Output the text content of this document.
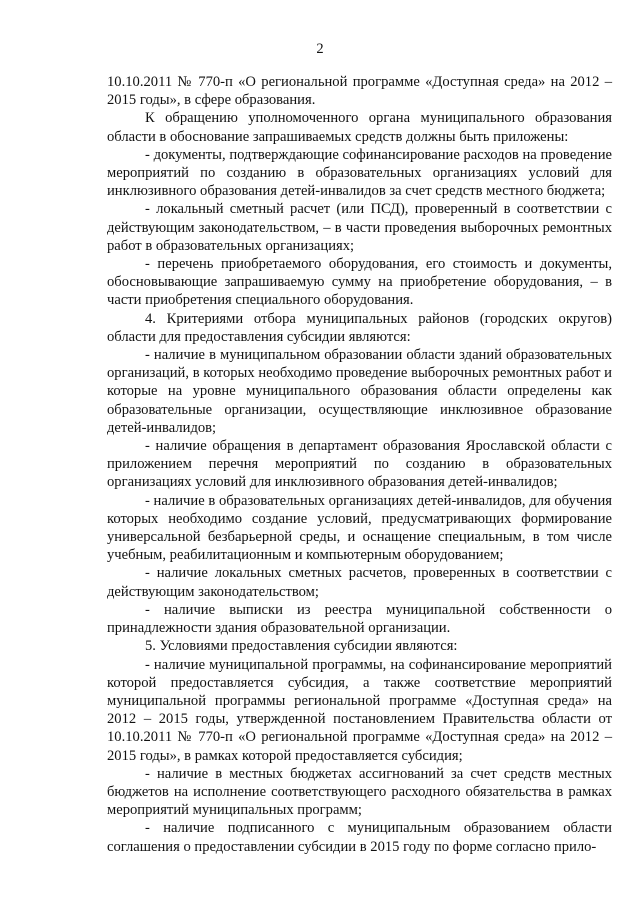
2

10.10.2011 № 770-п «О региональной программе «Доступная среда» на 2012 – 2015 годы», в сфере образования.

К обращению уполномоченного органа муниципального образования области в обоснование запрашиваемых средств должны быть приложены:

- документы, подтверждающие софинансирование расходов на проведение мероприятий по созданию в образовательных организациях условий для инклюзивного образования детей-инвалидов за счет средств местного бюджета;

- локальный сметный расчет (или ПСД), проверенный в соответствии с действующим законодательством, – в части проведения выборочных ремонтных работ в образовательных организациях;

- перечень приобретаемого оборудования, его стоимость и документы, обосновывающие запрашиваемую сумму на приобретение оборудования, – в части приобретения специального оборудования.

4. Критериями отбора муниципальных районов (городских округов) области для предоставления субсидии являются:

- наличие в муниципальном образовании области зданий образовательных организаций, в которых необходимо проведение выборочных ремонтных работ и которые на уровне муниципального образования области определены как образовательные организации, осуществляющие инклюзивное образование детей-инвалидов;

- наличие обращения в департамент образования Ярославской области с приложением перечня мероприятий по созданию в образовательных организациях условий для инклюзивного образования детей-инвалидов;

- наличие в образовательных организациях детей-инвалидов, для обучения которых необходимо создание условий, предусматривающих формирование универсальной безбарьерной среды, и оснащение специальным, в том числе учебным, реабилитационным и компьютерным оборудованием;

- наличие локальных сметных расчетов, проверенных в соответствии с действующим законодательством;

- наличие выписки из реестра муниципальной собственности о принадлежности здания образовательной организации.

5. Условиями предоставления субсидии являются:

- наличие муниципальной программы, на софинансирование мероприятий которой предоставляется субсидия, а также соответствие мероприятий муниципальной программы региональной программе «Доступная среда» на 2012 – 2015 годы, утвержденной постановлением Правительства области от 10.10.2011 № 770-п «О региональной программе «Доступная среда» на 2012 – 2015 годы», в рамках которой предоставляется субсидия;

- наличие в местных бюджетах ассигнований за счет средств местных бюджетов на исполнение соответствующего расходного обязательства в рамках мероприятий муниципальных программ;

- наличие подписанного с муниципальным образованием области соглашения о предоставлении субсидии в 2015 году по форме согласно прило-
